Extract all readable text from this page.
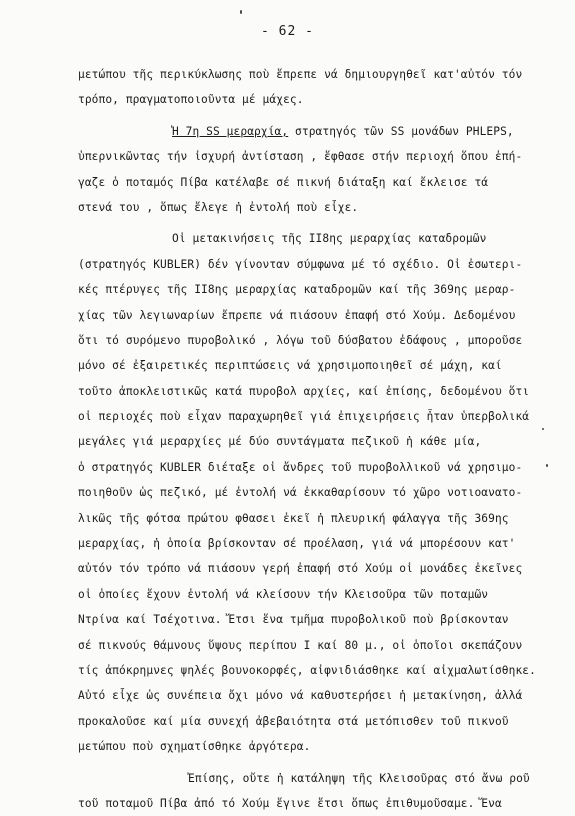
- 62 -
μετώπου τῆς περικύκλωσης ποὺ ἔπρεπε νά δημιουργηθεῖ κατ'αὐτόν τόν
τρόπο, πραγματοποιοῦντα μέ μάχες.
Ἡ 7η SS μεραρχία, στρατηγός τῶν SS μονάδων PHLEPS,
ὑπερνικῶντας τήν ἰσχυρή ἀντίσταση , ἔφθασε στήν περιοχή ὅπου ἐπή-
γαζε ὁ ποταμός Πίβα κατέλαβε σέ πικνή διάταξη καί ἔκλεισε τά
στενά του , ὅπως ἔλεγε ἡ ἐντολή ποὺ εἶχε.
Οἱ μετακινήσεις τῆς II8ης μεραρχίας καταδρομῶν
(στρατηγός KUBLER) δέν γίνονταν σύμφωνα μέ τό σχέδιο. Οἱ ἐσωτερι-
κές πτέρυγες τῆς II8ης μεραρχίας καταδρομῶν καί τῆς 369ης μεραρ-
χίας τῶν λεγιωναρίων ἔπρεπε νά πιάσουν ἐπαφή στό Χούμ. Δεδομένου
ὅτι τό συρόμενο πυροβολικό , λόγω τοῦ δύσβατου ἐδάφους , μποροῦσε
μόνο σέ ἐξαιρετικές περιπτώσεις νά χρησιμοποιηθεῖ σέ μάχη, καί
τοῦτο ἀποκλειστικῶς κατά πυροβολ αρχίες, καί ἐπίσης, δεδομένου ὅτι
οἱ περιοχές ποὺ εἶχαν παραχωρηθεῖ γιά ἐπιχειρήσεις ἦταν ὑπερβολικά
μεγάλες γιά μεραρχίες μέ δύο συντάγματα πεζικοῦ ἡ κάθε μία,
ὁ στρατηγός KUBLER διέταξε οἱ ἄνδρες τοῦ πυροβολλικοῦ νά χρησιμο-
ποιηθοῦν ὡς πεζικό, μέ ἐντολή νά ἐκκαθαρίσουν τό χῶρο νοτιοανατο-
λικῶς τῆς φότσα πρώτου φθασει ἐκεῖ ἡ πλευρική φάλαγγα τῆς 369ης
μεραρχίας, ἡ ὁποία βρίσκονταν σέ προέλαση, γιά νά μπορέσουν κατ'
αὐτόν τόν τρόπο νά πιάσουν γερή ἐπαφή στό Χούμ οἱ μονάδες ἐκεῖνες
οἱ ὁποίες ἔχουν ἐντολή νά κλείσουν τήν Κλεισοῦρα τῶν ποταμῶν
Ντρίνα καί Τσέχοτινα. Ἔτσι ἕνα τμῆμα πυροβολικοῦ ποὺ βρίσκονταν
σέ πικνούς θάμνους ὕψους περίπου I καί 80 μ., οἱ ὁποῖοι σκεπάζουν
τίς ἀπόκρημνες ψηλές βουνοκορφές, αἰφνιδιάσθηκε καί αἰχμαλωτίσθηκε.
Αὐτό εἶχε ὡς συνέπεια ὄχι μόνο νά καθυστερήσει ἡ μετακίνηση, ἀλλά
προκαλοῦσε καί μία συνεχή ἀβεβαιότητα στά μετόπισθεν τοῦ πικνοῦ
μετώπου ποὺ σχηματίσθηκε ἀργότερα.
Ἐπίσης, οὔτε ἡ κατάληψη τῆς Κλεισοῦρας στό ἄνω ροῦ
τοῦ ποταμοῦ Πίβα ἀπό τό Χούμ ἔγινε ἔτσι ὅπως ἐπιθυμοῦσαμε. Ἕνα
